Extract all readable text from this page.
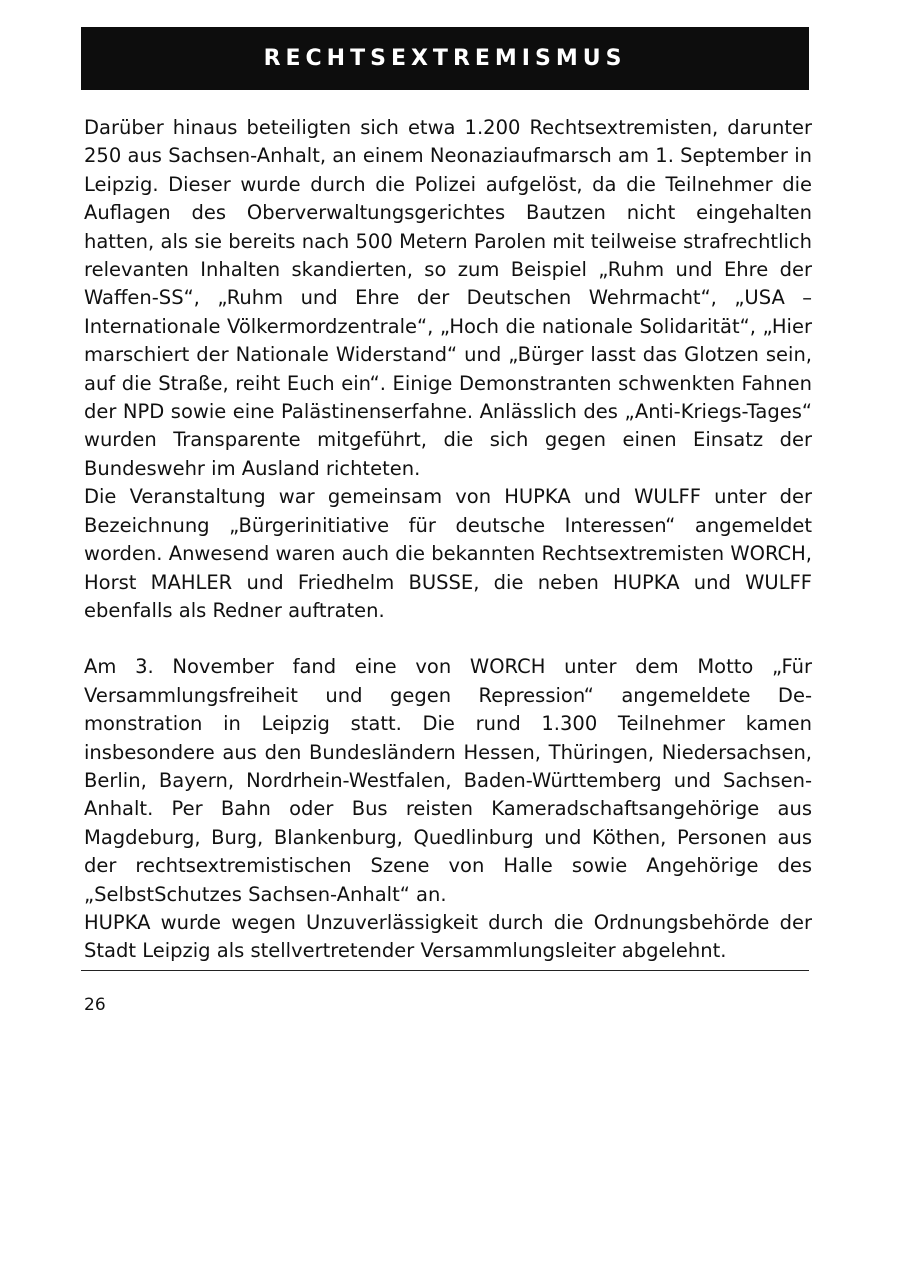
RECHTSEXTREMISMUS

Darüber hinaus beteiligten sich etwa 1.200 Rechtsextremisten, darunter 250 aus Sachsen-Anhalt, an einem Neonaziaufmarsch am 1. September in Leipzig. Dieser wurde durch die Polizei aufgelöst, da die Teilnehmer die Auflagen des Oberverwaltungsgerichtes Bautzen nicht eingehalten hatten, als sie bereits nach 500 Metern Parolen mit teilweise strafrechtlich relevanten Inhalten skandierten, so zum Beispiel „Ruhm und Ehre der Waffen-SS“, „Ruhm und Ehre der Deutschen Wehrmacht“, „USA – Internationale Völkermordzentrale“, „Hoch die nationale Solidarität“, „Hier marschiert der Nationale Widerstand“ und „Bürger lasst das Glotzen sein, auf die Straße, reiht Euch ein“. Einige Demonstranten schwenkten Fahnen der NPD sowie eine Palästinenserfahne. Anlässlich des „Anti-Kriegs-Tages“ wurden Transparente mitgeführt, die sich gegen einen Einsatz der Bundeswehr im Ausland richteten.

Die Veranstaltung war gemeinsam von HUPKA und WULFF unter der Bezeichnung „Bürgerinitiative für deutsche Interessen“ angemeldet worden. Anwesend waren auch die bekannten Rechtsextremisten WORCH, Horst MAHLER und Friedhelm BUSSE, die neben HUPKA und WULFF ebenfalls als Redner auftraten.

Am 3. November fand eine von WORCH unter dem Motto „Für Versammlungsfreiheit und gegen Repression“ angemeldete Demonstration in Leipzig statt. Die rund 1.300 Teilnehmer kamen insbesondere aus den Bundesländern Hessen, Thüringen, Niedersachsen, Berlin, Bayern, Nordrhein-Westfalen, Baden-Württemberg und Sachsen-Anhalt. Per Bahn oder Bus reisten Kameradschaftsangehörige aus Magdeburg, Burg, Blankenburg, Quedlinburg und Köthen, Personen aus der rechtsextremistischen Szene von Halle sowie Angehörige des „SelbstSchutzes Sachsen-Anhalt“ an.

HUPKA wurde wegen Unzuverlässigkeit durch die Ordnungsbehörde der Stadt Leipzig als stellvertretender Versammlungsleiter abgelehnt.

26
